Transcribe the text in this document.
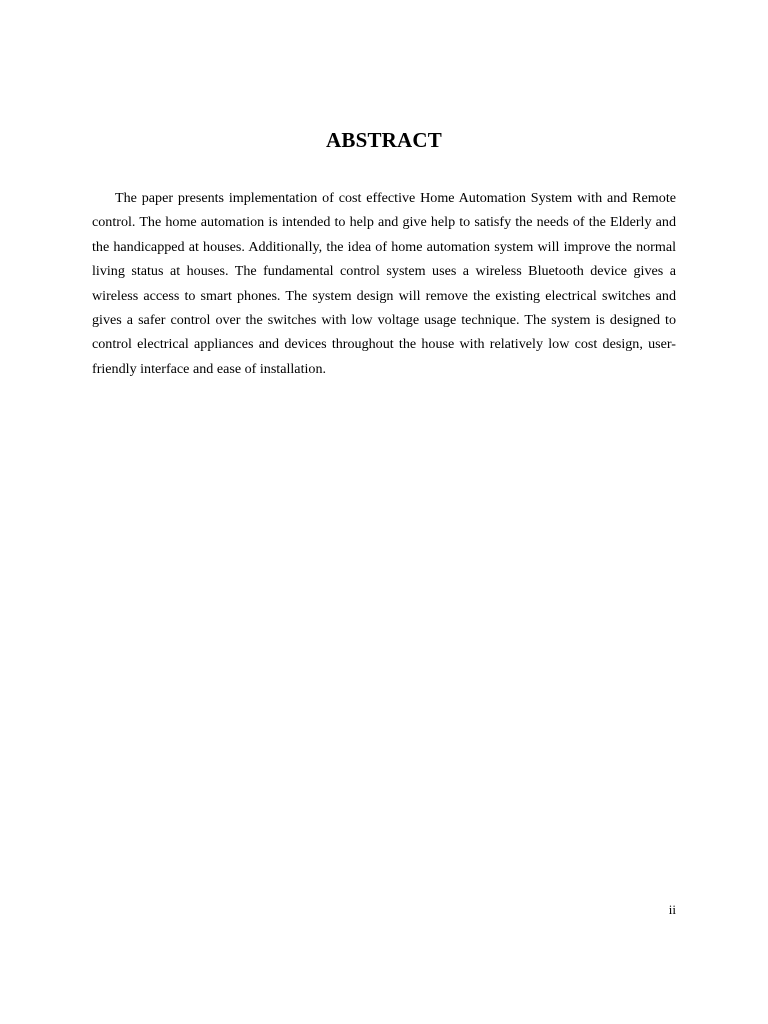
ABSTRACT

The paper presents implementation of cost effective Home Automation System with and Remote control. The home automation is intended to help and give help to satisfy the needs of the Elderly and the handicapped at houses. Additionally, the idea of home automation system will improve the normal living status at houses. The fundamental control system uses a wireless Bluetooth device gives a wireless access to smart phones. The system design will remove the existing electrical switches and gives a safer control over the switches with low voltage usage technique. The system is designed to control electrical appliances and devices throughout the house with relatively low cost design, user-friendly interface and ease of installation.

ii
